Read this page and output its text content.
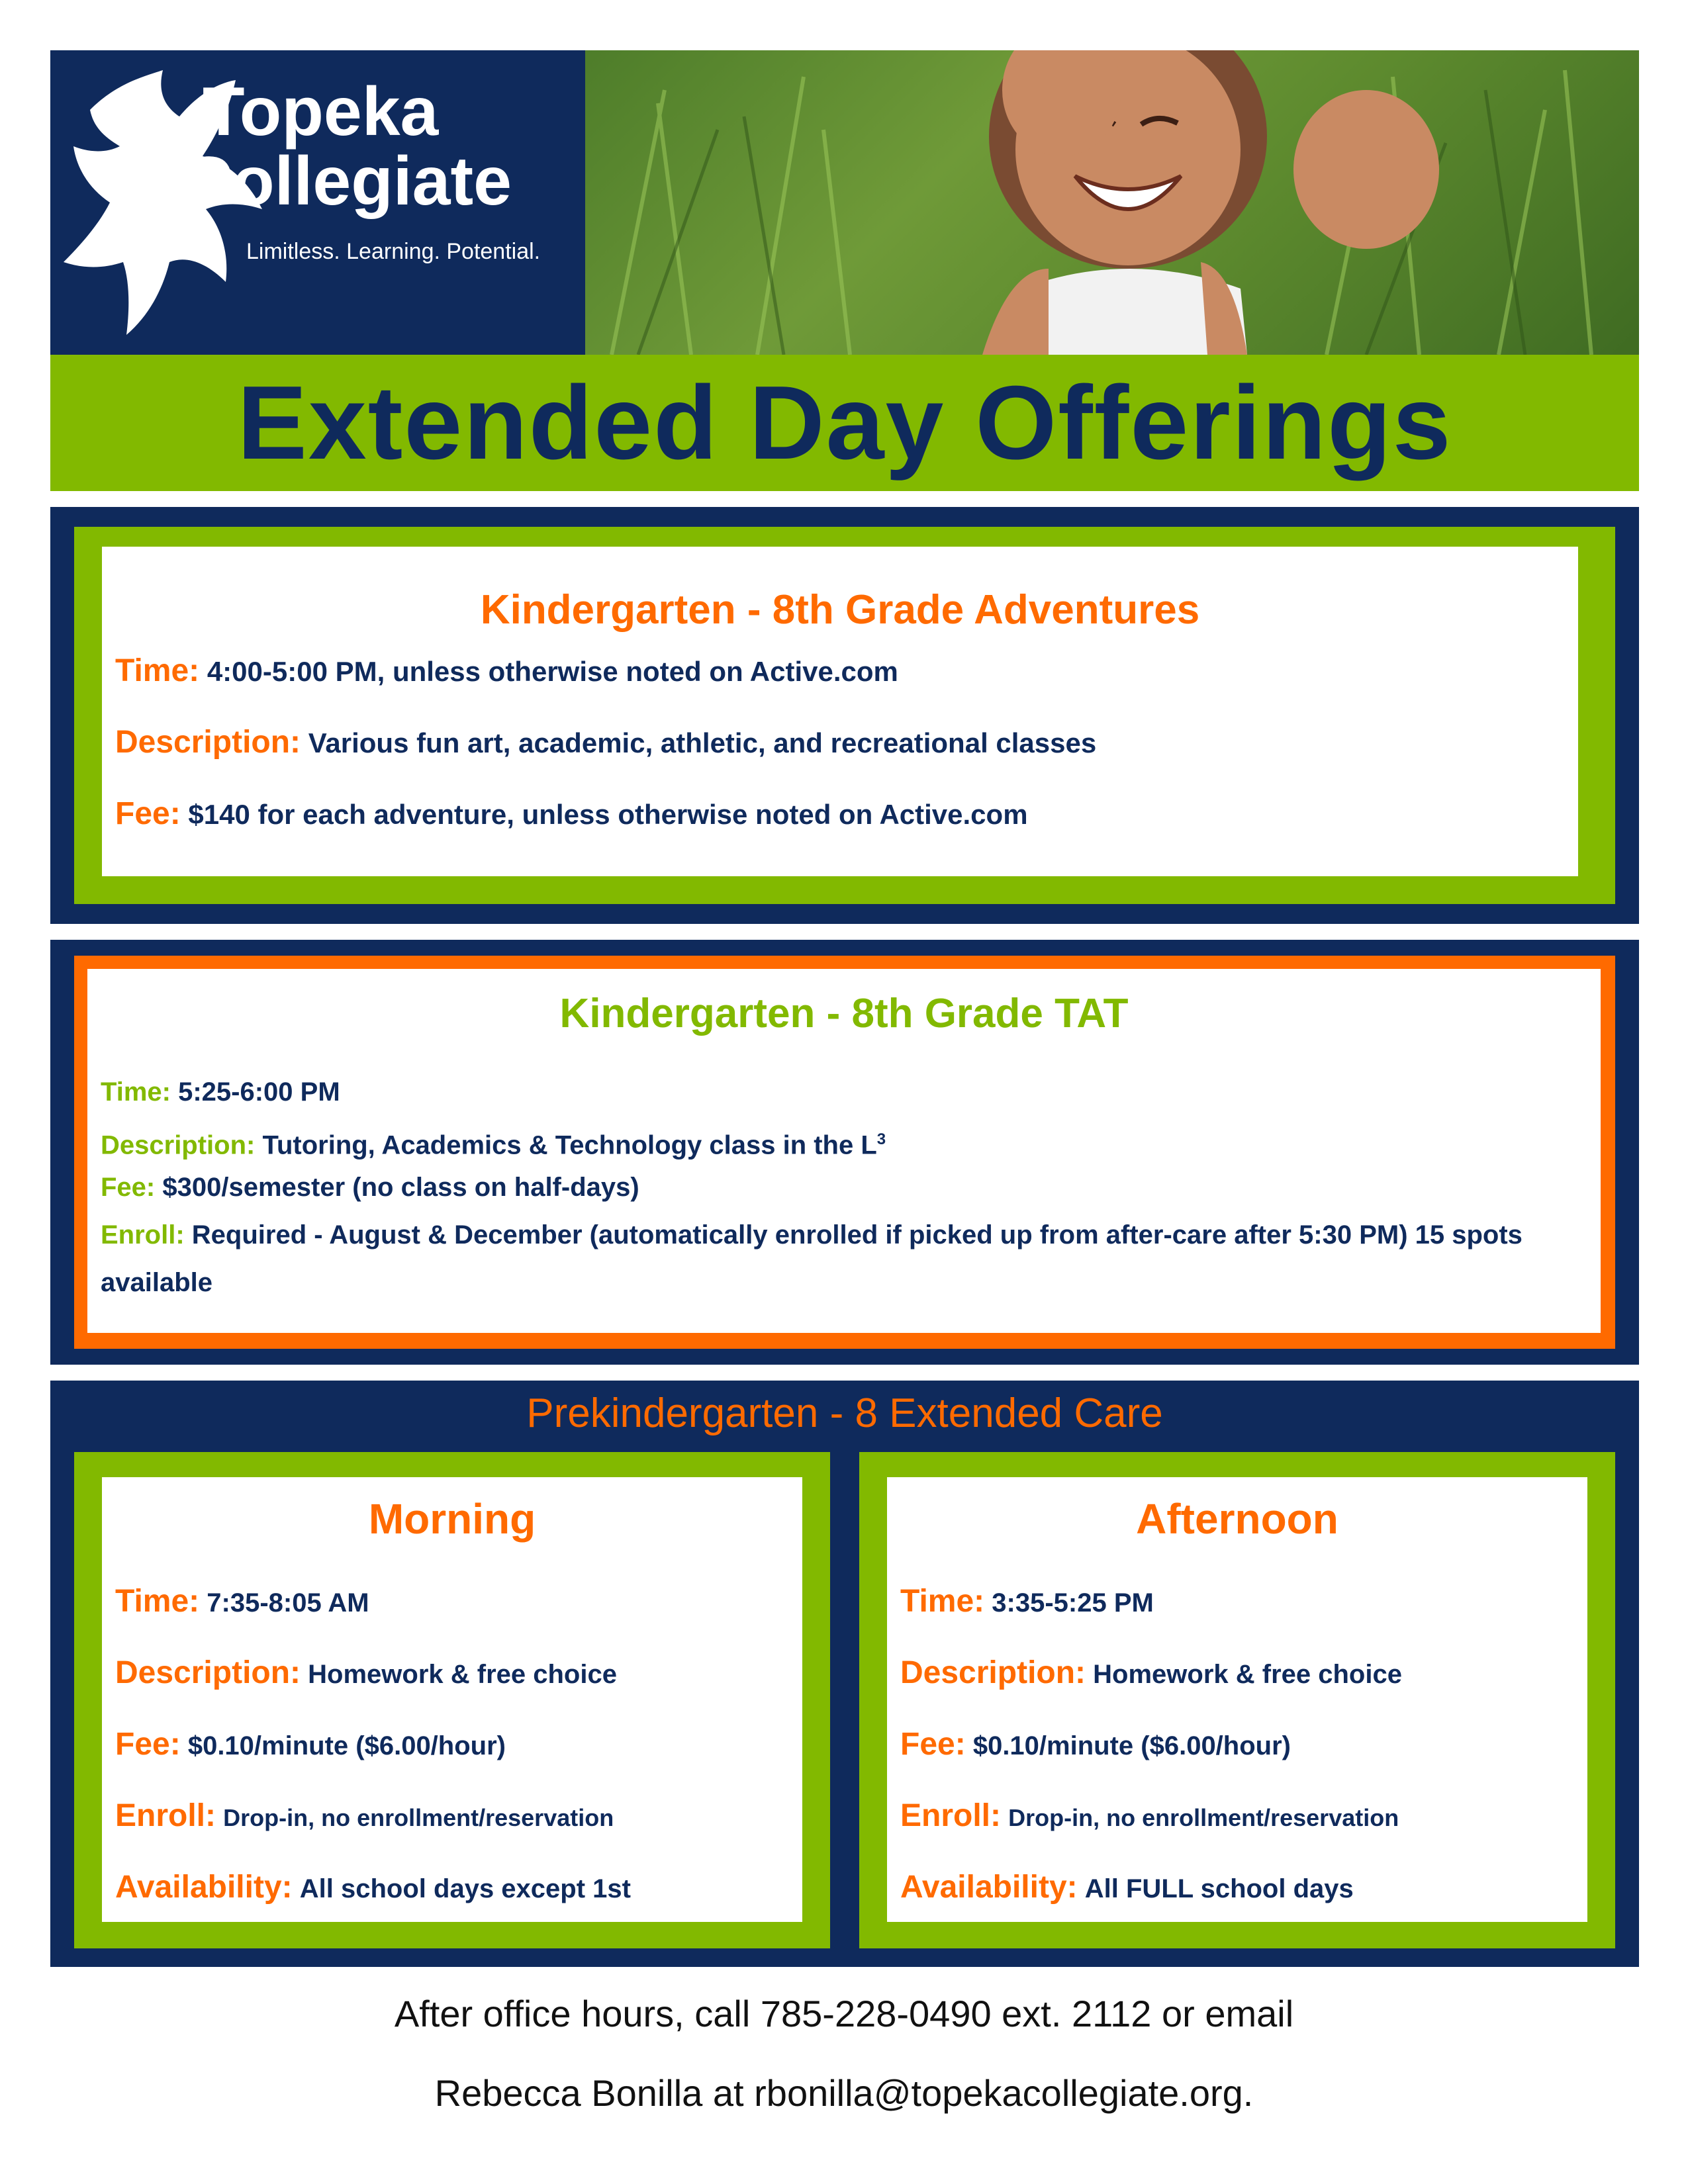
Topeka
Collegiate
Limitless. Learning. Potential.
Extended Day Offerings
Kindergarten - 8th Grade Adventures
Time: 4:00-5:00 PM, unless otherwise noted on Active.com
Description: Various fun art, academic, athletic, and recreational classes
Fee: $140 for each adventure, unless otherwise noted on Active.com
Kindergarten - 8th Grade TAT
Time: 5:25-6:00 PM
Description: Tutoring, Academics & Technology class in the $L^3$
Fee: $300/semester (no class on half-days)
Enroll: Required - August & December (automatically enrolled if picked up from after-care after 5:30 PM) 15 spots available
Prekindergarten - 8 Extended Care
Morning
Time: 7:35-8:05 AM
Description: Homework & free choice
Fee: $0.10/minute ($6.00/hour)
Enroll: Drop-in, no enrollment/reservation
Availability: All school days except 1st
Afternoon
Time: 3:35-5:25 PM
Description: Homework & free choice
Fee: $0.10/minute ($6.00/hour)
Enroll: Drop-in, no enrollment/reservation
Availability: All FULL school days
After office hours, call 785-228-0490 ext. 2112 or email
Rebecca Bonilla at rbonilla@topekacollegiate.org.
